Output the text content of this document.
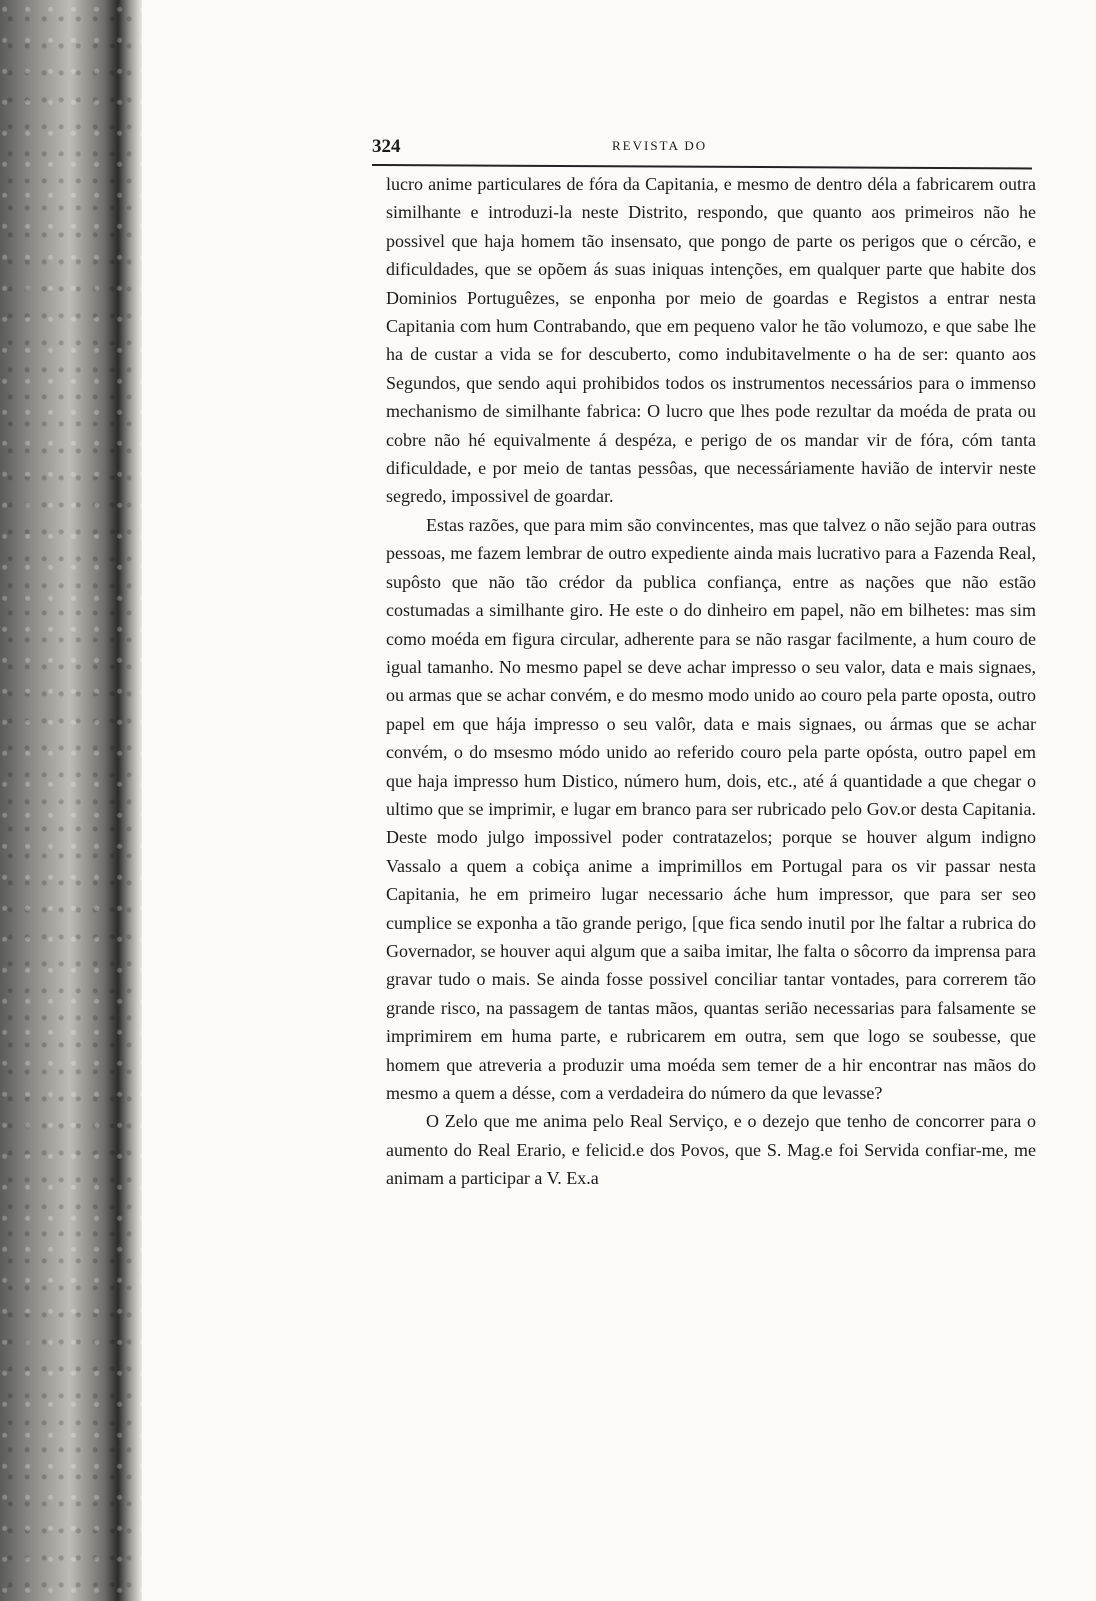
324	REVISTA DO

lucro anime particulares de fóra da Capitania, e mesmo de dentro déla a fabricarem outra similhante e introduzi-la neste Distrito, respondo, que quanto aos primeiros não he possivel que haja homem tão insensato, que pongo de parte os perigos que o cércão, e dificuldades, que se opõem ás suas iniquas intenções, em qualquer parte que habite dos Dominios Portuguêzes, se enponha por meio de goardas e Registos a entrar nesta Capitania com hum Contrabando, que em pequeno valor he tão volumozo, e que sabe lhe ha de custar a vida se for descuberto, como indubitavelmente o ha de ser: quanto aos Segundos, que sendo aqui prohibidos todos os instrumentos necessários para o immenso mechanismo de similhante fabrica: O lucro que lhes pode rezultar da moéda de prata ou cobre não hé equivalmente á despéza, e perigo de os mandar vir de fóra, cóm tanta dificuldade, e por meio de tantas pessôas, que necessáriamente havião de intervir neste segredo, impossivel de goardar.

Estas razões, que para mim são convincentes, mas que talvez o não sejão para outras pessoas, me fazem lembrar de outro expediente ainda mais lucrativo para a Fazenda Real, supôsto que não tão crédor da publica confiança, entre as nações que não estão costumadas a similhante giro. He este o do dinheiro em papel, não em bilhetes: mas sim como moéda em figura circular, adherente para se não rasgar facilmente, a hum couro de igual tamanho. No mesmo papel se deve achar impresso o seu valor, data e mais signaes, ou armas que se achar convém, e do mesmo modo unido ao couro pela parte oposta, outro papel em que hája impresso o seu valôr, data e mais signaes, ou ármas que se achar convém, o do msesmo módo unido ao referido couro pela parte opósta, outro papel em que haja impresso hum Distico, número hum, dois, etc., até á quantidade a que chegar o ultimo que se imprimir, e lugar em branco para ser rubricado pelo Gov.or desta Capitania. Deste modo julgo impossivel poder contratazelos; porque se houver algum indigno Vassalo a quem a cobiça anime a imprimillos em Portugal para os vir passar nesta Capitania, he em primeiro lugar necessario áche hum impressor, que para ser seo cumplice se exponha a tão grande perigo, [que fica sendo inutil por lhe faltar a rubrica do Governador, se houver aqui algum que a saiba imitar, lhe falta o sôcorro da imprensa para gravar tudo o mais. Se ainda fosse possivel conciliar tantar vontades, para correrem tão grande risco, na passagem de tantas mãos, quantas serião necessarias para falsamente se imprimirem em huma parte, e rubricarem em outra, sem que logo se soubesse, que homem que atreveria a produzir uma moéda sem temer de a hir encontrar nas mãos do mesmo a quem a désse, com a verdadeira do número da que levasse?

O Zelo que me anima pelo Real Serviço, e o dezejo que tenho de concorrer para o aumento do Real Erario, e felicid.e dos Povos, que S. Mag.e foi Servida confiar-me, me animam a participar a V. Ex.a
